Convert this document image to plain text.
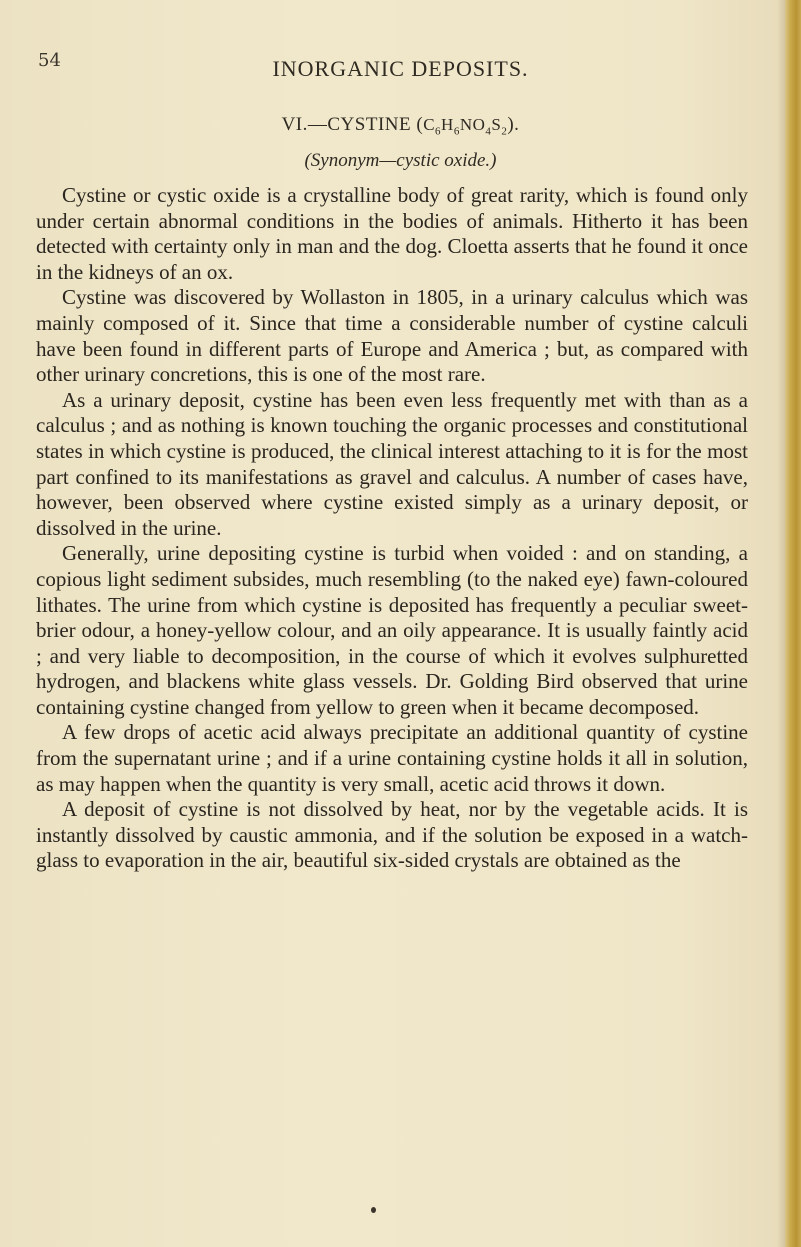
54	INORGANIC DEPOSITS.
VI.—CYSTINE $(C_6H_6NO_4S_2)$.
(Synonym—cystic oxide.)

Cystine or cystic oxide is a crystalline body of great rarity, which is found only under certain abnormal conditions in the bodies of animals. Hitherto it has been detected with certainty only in man and the dog. Cloetta asserts that he found it once in the kidneys of an ox.

Cystine was discovered by Wollaston in 1805, in a urinary calculus which was mainly composed of it. Since that time a considerable number of cystine calculi have been found in different parts of Europe and America ; but, as compared with other urinary concretions, this is one of the most rare.

As a urinary deposit, cystine has been even less frequently met with than as a calculus ; and as nothing is known touching the organic processes and constitutional states in which cystine is produced, the clinical interest attaching to it is for the most part confined to its manifestations as gravel and calculus. A number of cases have, however, been observed where cystine existed simply as a urinary deposit, or dissolved in the urine.

Generally, urine depositing cystine is turbid when voided : and on standing, a copious light sediment subsides, much resembling (to the naked eye) fawn-coloured lithates. The urine from which cystine is deposited has frequently a peculiar sweet-brier odour, a honey-yellow colour, and an oily appearance. It is usually faintly acid ; and very liable to decomposition, in the course of which it evolves sulphuretted hydrogen, and blackens white glass vessels. Dr. Golding Bird observed that urine containing cystine changed from yellow to green when it became decomposed.

A few drops of acetic acid always precipitate an additional quantity of cystine from the supernatant urine ; and if a urine containing cystine holds it all in solution, as may happen when the quantity is very small, acetic acid throws it down.

A deposit of cystine is not dissolved by heat, nor by the vegetable acids. It is instantly dissolved by caustic ammonia, and if the solution be exposed in a watch-glass to evaporation in the air, beautiful six-sided crystals are obtained as the
